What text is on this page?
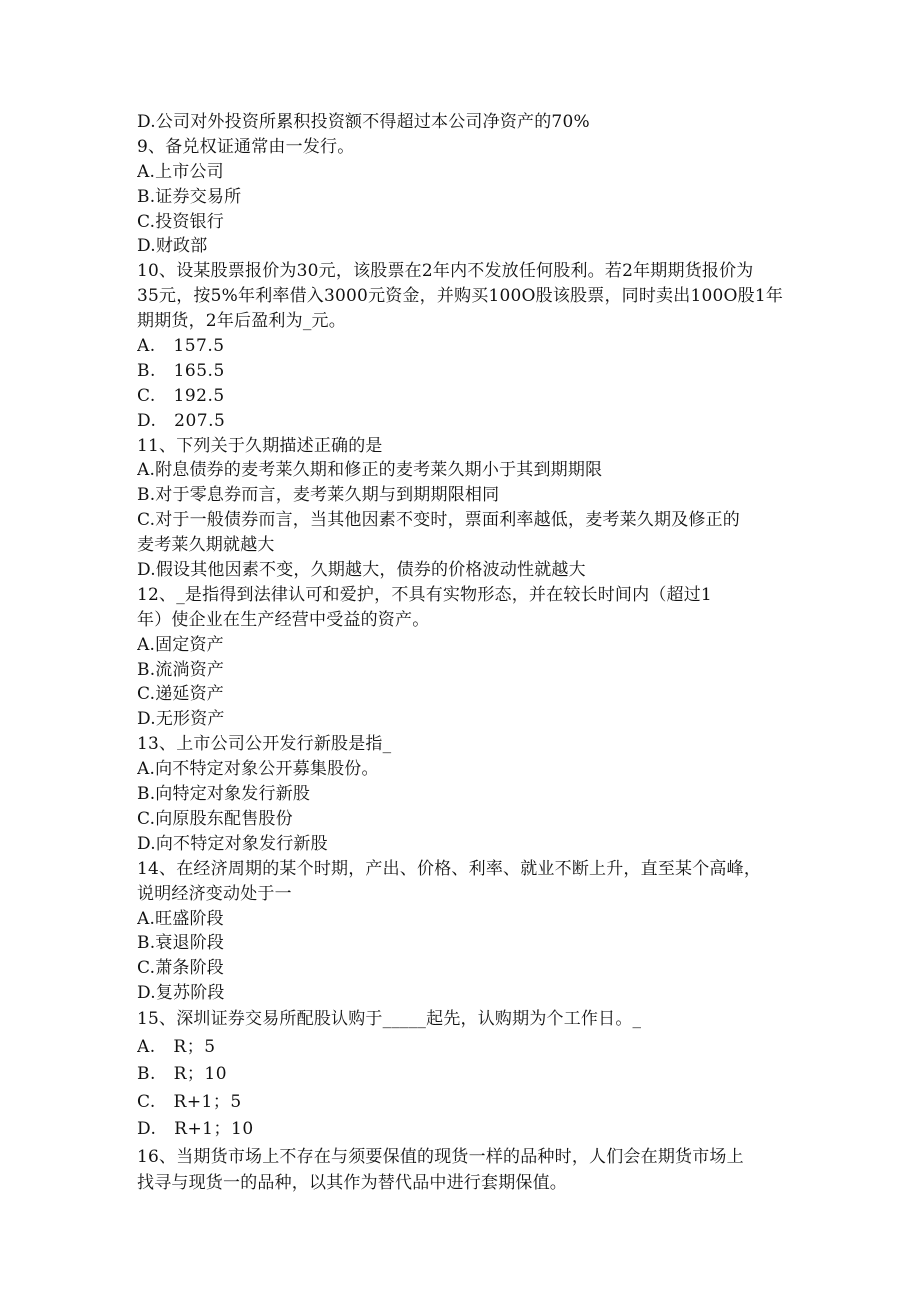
D.公司对外投资所累积投资额不得超过本公司净资产的70%
9、备兑权证通常由一发行。
A.上市公司
B.证券交易所
C.投资银行
D.财政部
10、设某股票报价为30元，该股票在2年内不发放任何股利。若2年期期货报价为
35元，按5%年利率借入3000元资金，并购买100O股该股票，同时卖出100O股1年
期期货，2年后盈利为_元。
A.   157.5
B.   165.5
C.   192.5
D.   207.5
11、下列关于久期描述正确的是
A.附息债券的麦考莱久期和修正的麦考莱久期小于其到期期限
B.对于零息券而言，麦考莱久期与到期期限相同
C.对于一般债券而言，当其他因素不变时，票面利率越低，麦考莱久期及修正的
麦考莱久期就越大
D.假设其他因素不变，久期越大，债券的价格波动性就越大
12、_是指得到法律认可和爱护，不具有实物形态，并在较长时间内（超过1
年）使企业在生产经营中受益的资产。
A.固定资产
B.流淌资产
C.递延资产
D.无形资产
13、上市公司公开发行新股是指_
A.向不特定对象公开募集股份。
B.向特定对象发行新股
C.向原股东配售股份
D.向不特定对象发行新股
14、在经济周期的某个时期，产出、价格、利率、就业不断上升，直至某个高峰，
说明经济变动处于一
A.旺盛阶段
B.衰退阶段
C.萧条阶段
D.复苏阶段
15、深圳证券交易所配股认购于_____起先，认购期为个工作日。_
A.   R；5
B.   R；10
C.   R+1；5
D.   R+1；10
16、当期货市场上不存在与须要保值的现货一样的品种时，人们会在期货市场上
找寻与现货一的品种，以其作为替代品中进行套期保值。
